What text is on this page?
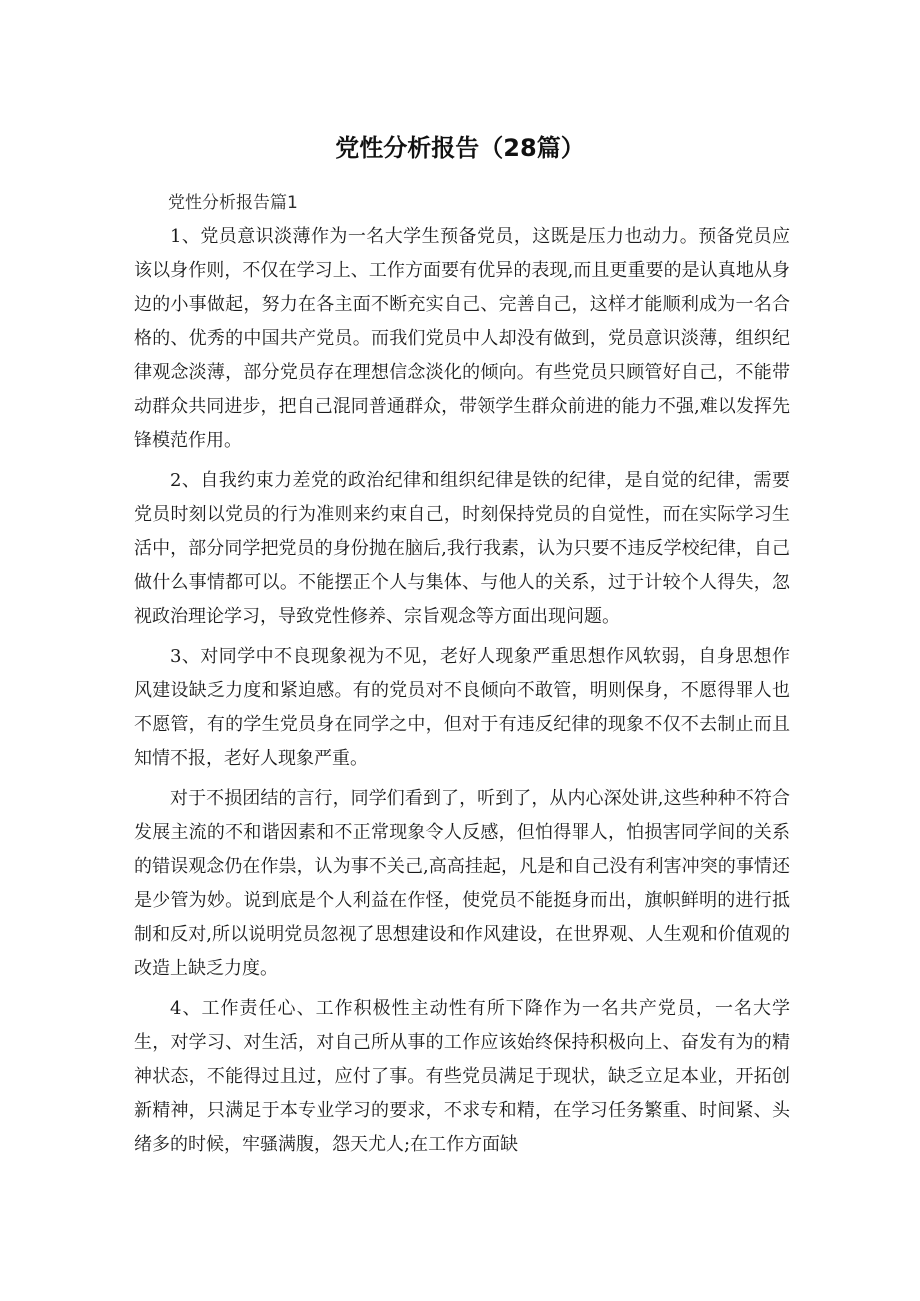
党性分析报告（28篇）

党性分析报告篇1

1、党员意识淡薄作为一名大学生预备党员，这既是压力也动力。预备党员应该以身作则，不仅在学习上、工作方面要有优异的表现,而且更重要的是认真地从身边的小事做起，努力在各主面不断充实自己、完善自己，这样才能顺利成为一名合格的、优秀的中国共产党员。而我们党员中人却没有做到，党员意识淡薄，组织纪律观念淡薄，部分党员存在理想信念淡化的倾向。有些党员只顾管好自己，不能带动群众共同进步，把自己混同普通群众，带领学生群众前进的能力不强,难以发挥先锋模范作用。

2、自我约束力差党的政治纪律和组织纪律是铁的纪律，是自觉的纪律，需要党员时刻以党员的行为准则来约束自己，时刻保持党员的自觉性，而在实际学习生活中，部分同学把党员的身份抛在脑后,我行我素，认为只要不违反学校纪律，自己做什么事情都可以。不能摆正个人与集体、与他人的关系，过于计较个人得失，忽视政治理论学习，导致党性修养、宗旨观念等方面出现问题。

3、对同学中不良现象视为不见，老好人现象严重思想作风软弱，自身思想作风建设缺乏力度和紧迫感。有的党员对不良倾向不敢管，明则保身，不愿得罪人也不愿管，有的学生党员身在同学之中，但对于有违反纪律的现象不仅不去制止而且知情不报，老好人现象严重。

对于不损团结的言行，同学们看到了，听到了，从内心深处讲,这些种种不符合发展主流的不和谐因素和不正常现象令人反感，但怕得罪人，怕损害同学间的关系的错误观念仍在作祟，认为事不关己,高高挂起，凡是和自己没有利害冲突的事情还是少管为妙。说到底是个人利益在作怪，使党员不能挺身而出，旗帜鲜明的进行抵制和反对,所以说明党员忽视了思想建设和作风建设，在世界观、人生观和价值观的改造上缺乏力度。

4、工作责任心、工作积极性主动性有所下降作为一名共产党员，一名大学生，对学习、对生活，对自己所从事的工作应该始终保持积极向上、奋发有为的精神状态，不能得过且过，应付了事。有些党员满足于现状，缺乏立足本业，开拓创新精神，只满足于本专业学习的要求，不求专和精，在学习任务繁重、时间紧、头绪多的时候，牢骚满腹，怨天尤人;在工作方面缺
